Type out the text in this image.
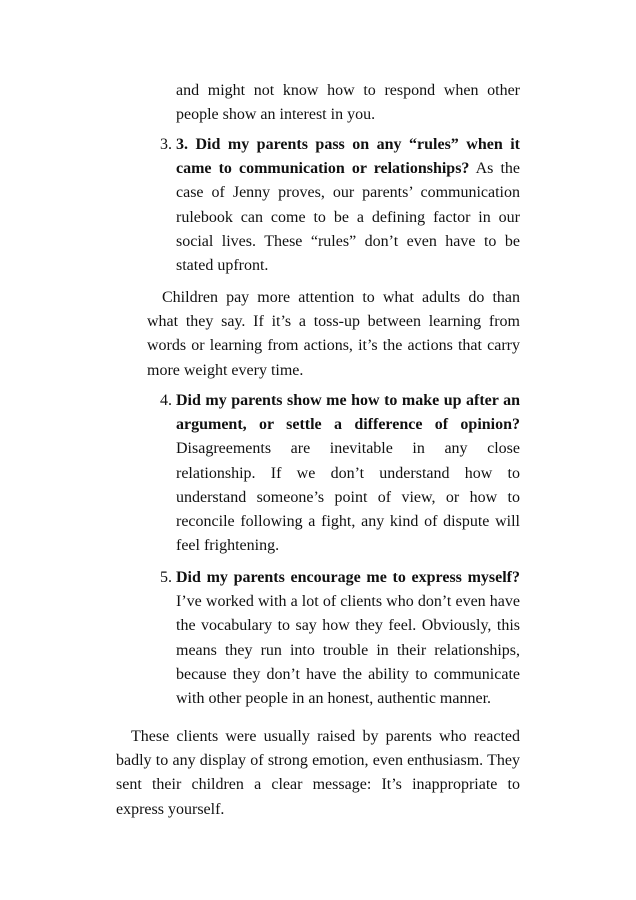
and might not know how to respond when other people show an interest in you.

3. 3. Did my parents pass on any “rules” when it came to communication or relationships? As the case of Jenny proves, our parents’ communication rulebook can come to be a defining factor in our social lives. These “rules” don’t even have to be stated upfront.

Children pay more attention to what adults do than what they say. If it’s a toss-up between learning from words or learning from actions, it’s the actions that carry more weight every time.

4. Did my parents show me how to make up after an argument, or settle a difference of opinion? Disagreements are inevitable in any close relationship. If we don’t understand how to understand someone’s point of view, or how to reconcile following a fight, any kind of dispute will feel frightening.

5. Did my parents encourage me to express myself? I’ve worked with a lot of clients who don’t even have the vocabulary to say how they feel. Obviously, this means they run into trouble in their relationships, because they don’t have the ability to communicate with other people in an honest, authentic manner.

These clients were usually raised by parents who reacted badly to any display of strong emotion, even enthusiasm. They sent their children a clear message: It’s inappropriate to express yourself.
